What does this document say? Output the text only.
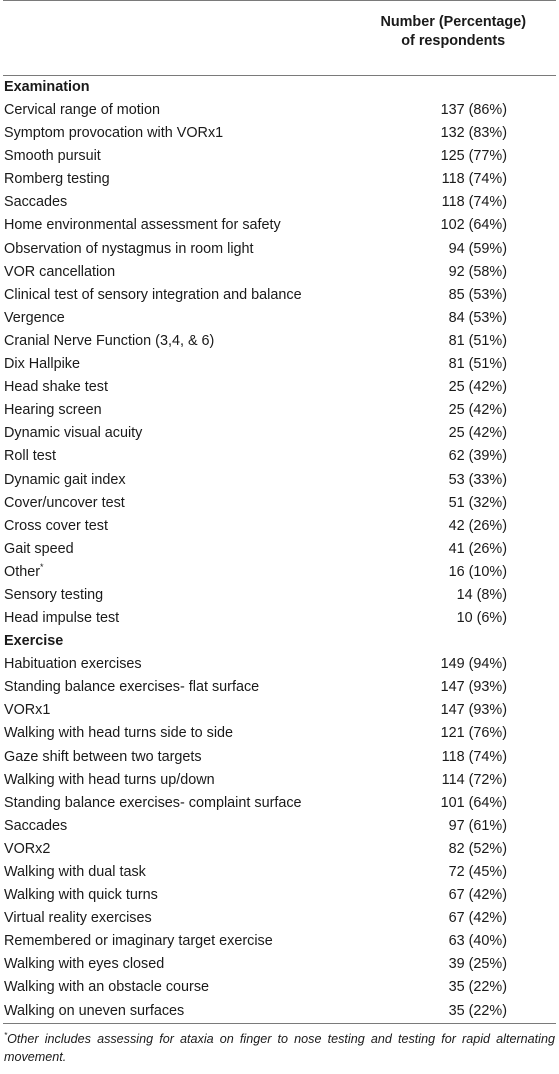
Number (Percentage)
of respondents
Examination
Cervical range of motion	137 (86%)
Symptom provocation with VORx1	132 (83%)
Smooth pursuit	125 (77%)
Romberg testing	118 (74%)
Saccades	118 (74%)
Home environmental assessment for safety	102 (64%)
Observation of nystagmus in room light	94 (59%)
VOR cancellation	92 (58%)
Clinical test of sensory integration and balance	85 (53%)
Vergence	84 (53%)
Cranial Nerve Function (3,4, & 6)	81 (51%)
Dix Hallpike	81 (51%)
Head shake test	25 (42%)
Hearing screen	25 (42%)
Dynamic visual acuity	25 (42%)
Roll test	62 (39%)
Dynamic gait index	53 (33%)
Cover/uncover test	51 (32%)
Cross cover test	42 (26%)
Gait speed	41 (26%)
Other*	16 (10%)
Sensory testing	14 (8%)
Head impulse test	10 (6%)
Exercise
Habituation exercises	149 (94%)
Standing balance exercises- flat surface	147 (93%)
VORx1	147 (93%)
Walking with head turns side to side	121 (76%)
Gaze shift between two targets	118 (74%)
Walking with head turns up/down	114 (72%)
Standing balance exercises- complaint surface	101 (64%)
Saccades	97 (61%)
VORx2	82 (52%)
Walking with dual task	72 (45%)
Walking with quick turns	67 (42%)
Virtual reality exercises	67 (42%)
Remembered or imaginary target exercise	63 (40%)
Walking with eyes closed	39 (25%)
Walking with an obstacle course	35 (22%)
Walking on uneven surfaces	35 (22%)
*Other includes assessing for ataxia on finger to nose testing and testing for rapid alternating movement.
